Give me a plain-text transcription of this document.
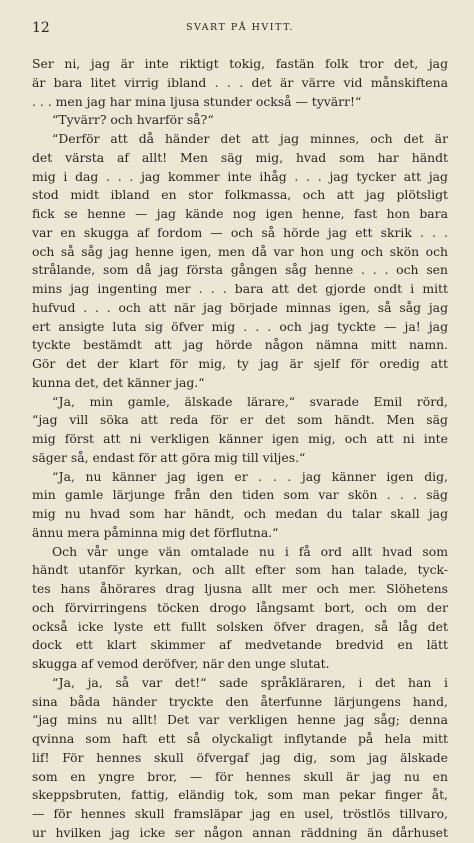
12	SVART PÅ HVITT.
Ser ni, jag är inte riktigt tokig, fastän folk tror det, jag
är bara litet virrig ibland . . . det är värre vid månskiftena
. . . men jag har mina ljusa stunder också — tyvärr!“
“Tyvärr? och hvarför så?“
“Derför att då händer det att jag minnes, och det är
det värsta af allt! Men säg mig, hvad som har händt
mig i dag . . . jag kommer inte ihåg . . . jag tycker att jag
stod midt ibland en stor folkmassa, och att jag plötsligt
fick se henne — jag kände nog igen henne, fast hon bara
var en skugga af fordom — och så hörde jag ett skrik . . .
och så såg jag henne igen, men då var hon ung och skön och
strålande, som då jag första gången såg henne . . . och sen
mins jag ingenting mer . . . bara att det gjorde ondt i mitt
hufvud . . . och att när jag började minnas igen, så såg jag
ert ansigte luta sig öfver mig . . . och jag tyckte — ja! jag
tyckte bestämdt att jag hörde någon nämna mitt namn.
Gör det der klart för mig, ty jag är sjelf för oredig att
kunna det, det känner jag.“
“Ja, min gamle, älskade lärare,“ svarade Emil rörd,
“jag vill söka att reda för er det som händt. Men säg
mig först att ni verkligen känner igen mig, och att ni inte
säger så, endast för att göra mig till viljes.“
“Ja, nu känner jag igen er . . . jag känner igen dig,
min gamle lärjunge från den tiden som var skön . . . säg
mig nu hvad som har händt, och medan du talar skall jag
ännu mera påminna mig det förflutna.“
Och vår unge vän omtalade nu i få ord allt hvad som
händt utanför kyrkan, och allt efter som han talade, tyck-
tes hans åhörares drag ljusna allt mer och mer. Slöhetens
och förvirringens töcken drogo långsamt bort, och om der
också icke lyste ett fullt solsken öfver dragen, så låg det
dock ett klart skimmer af medvetande bredvid en lätt
skugga af vemod deröfver, när den unge slutat.
“Ja, ja, så var det!“ sade språkläraren, i det han i
sina båda händer tryckte den återfunne lärjungens hand,
“jag mins nu allt! Det var verkligen henne jag såg; denna
qvinna som haft ett så olyckaligt inflytande på hela mitt
lif! För hennes skull öfvergaf jag dig, som jag älskade
som en yngre bror, — för hennes skull är jag nu en
skeppsbruten, fattig, eländig tok, som man pekar finger åt,
— för hennes skull framsläpar jag en usel, tröstlös tillvaro,
ur hvilken jag icke ser någon annan räddning än dårhuset
